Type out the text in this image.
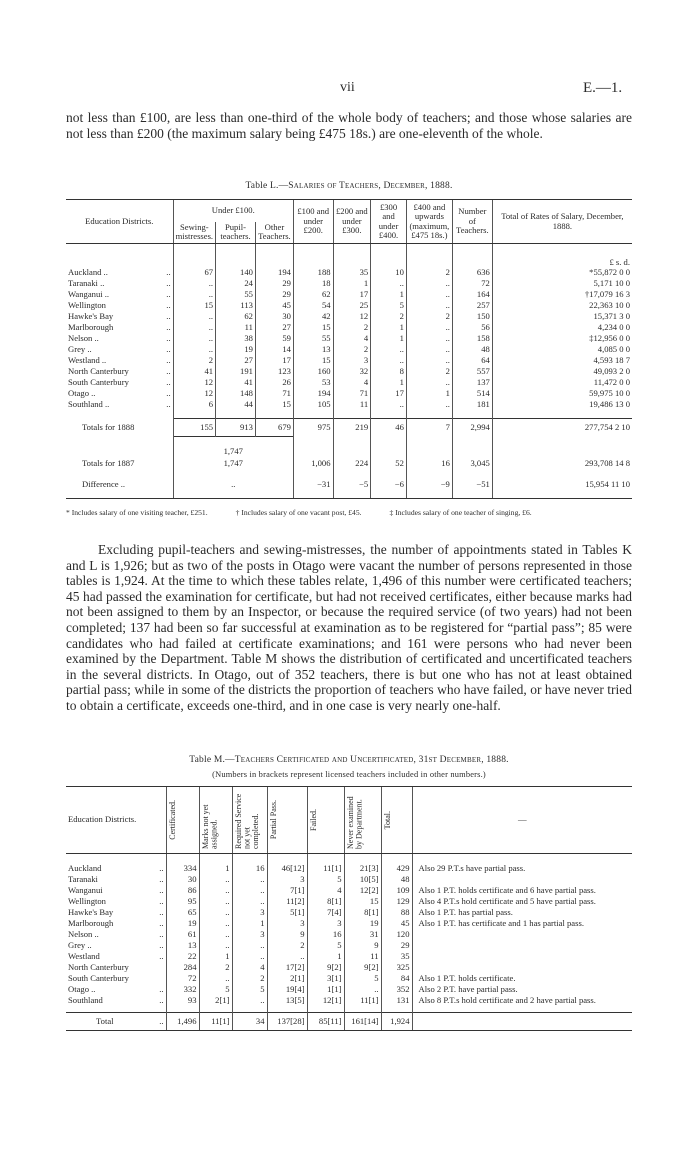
vii	E.—1.

not less than £100, are less than one-third of the whole body of teachers; and those whose salaries are not less than £200 (the maximum salary being £475 18s.) are one-eleventh of the whole.

Table L.—Salaries of Teachers, December, 1888.
Education Districts.	Under £100.			£100 and under £200.	£200 and under £300.	£300 and under £400.	£400 and upwards (maximum, £475 18s.)	Number of Teachers.	Total of Rates of Salary, December, 1888.
	Sewing-mistresses.	Pupil-teachers.	Other Teachers.						
									£ s. d.
Auckland .. ..	67	140	194	188	35	10	2	636	*55,872 0 0
Taranaki .. ..	..	24	29	18	1	..	..	72	5,171 10 0
Wanganui .. ..	..	55	29	62	17	1	..	164	†17,079 16 3
Wellington ..	15	113	45	54	25	5	..	257	22,363 10 0
Hawke's Bay ..	..	62	30	42	12	2	2	150	15,371 3 0
Marlborough ..	..	11	27	15	2	1	..	56	4,234 0 0
Nelson .. ..	..	38	59	55	4	1	..	158	‡12,956 0 0
Grey .. ..	..	19	14	13	2	..	..	48	4,085 0 0
Westland .. ..	2	27	17	15	3	..	..	64	4,593 18 7
North Canterbury ..	41	191	123	160	32	8	2	557	49,093 2 0
South Canterbury ..	12	41	26	53	4	1	..	137	11,472 0 0
Otago .. ..	12	148	71	194	71	17	1	514	59,975 10 0
Southland .. ..	6	44	15	105	11	..	..	181	19,486 13 0

Totals for 1888	155	913	679	975	219	46	7	2,994	277,754 2 10
	1,747								
Totals for 1887	1,747			1,006	224	52	16	3,045	293,708 14 8
Difference ..	..			−31	−5	−6	−9	−51	15,954 11 10
* Includes salary of one visiting teacher, £251.	† Includes salary of one vacant post, £45.	‡ Includes salary of one teacher of singing, £6.

Excluding pupil-teachers and sewing-mistresses, the number of appointments stated in Tables K and L is 1,926; but as two of the posts in Otago were vacant the number of persons represented in those tables is 1,924. At the time to which these tables relate, 1,496 of this number were certificated teachers; 45 had passed the examination for certificate, but had not received certificates, either because marks had not been assigned to them by an Inspector, or because the required service (of two years) had not been completed; 137 had been so far successful at examination as to be registered for “partial pass”; 85 were candidates who had failed at certificate examinations; and 161 were persons who had never been examined by the Department. Table M shows the distribution of certificated and uncertificated teachers in the several districts. In Otago, out of 352 teachers, there is but one who has not at least obtained partial pass; while in some of the districts the proportion of teachers who have failed, or have never tried to obtain a certificate, exceeds one-third, and in one case is very nearly one-half.

Table M.—Teachers Certificated and Uncertificated, 31st December, 1888.
(Numbers in brackets represent licensed teachers included in other numbers.)
Education Districts.	Certificated.	Marks not yet assigned.	Required Service not yet completed.	Partial Pass.	Failed.	Never examined by Department.	Total.	—

Auckland ..	334	1	16	46[12]	11[1]	21[3]	429	Also 29 P.T.s have partial pass.
Taranaki ..	30	..	..	3	5	10[5]	48	
Wanganui ..	86	..	..	7[1]	4	12[2]	109	Also 1 P.T. holds certificate and 6 have partial pass.
Wellington ..	95	..	..	11[2]	8[1]	15	129	Also 4 P.T.s hold certificate and 5 have partial pass.
Hawke's Bay ..	65	..	3	5[1]	7[4]	8[1]	88	Also 1 P.T. has partial pass.
Marlborough ..	19	..	1	3	3	19	45	Also 1 P.T. has certificate and 1 has partial pass.
Nelson .. ..	61	..	3	9	16	31	120	
Grey .. ..	13	..	..	2	5	9	29	
Westland ..	22	1	..	..	1	11	35	
North Canterbury	284	2	4	17[2]	9[2]	9[2]	325	
South Canterbury	72	..	2	2[1]	3[1]	5	84	Also 1 P.T. holds certificate.
Otago .. ..	332	5	5	19[4]	1[1]	..	352	Also 2 P.T. have partial pass.
Southland ..	93	2[1]	..	13[5]	12[1]	11[1]	131	Also 8 P.T.s hold certificate and 2 have partial pass.

Total ..	1,496	11[1]	34	137[28]	85[11]	161[14]	1,924	
